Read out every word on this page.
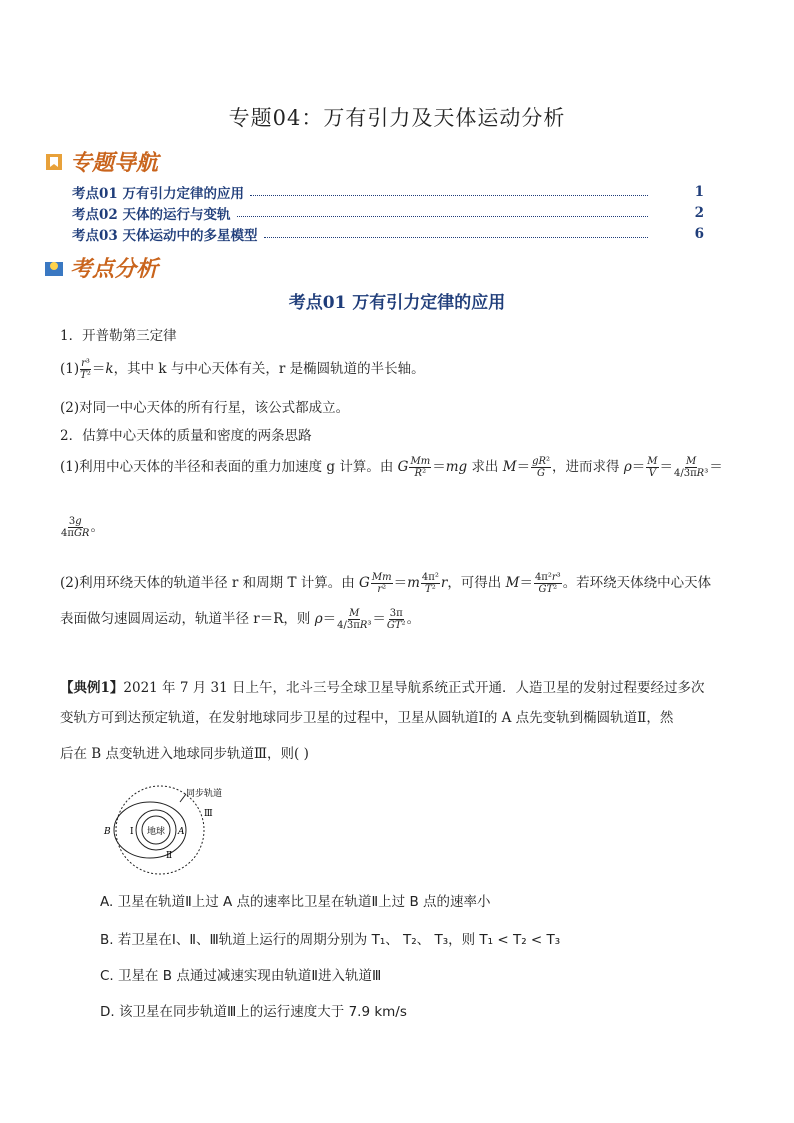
专题04：万有引力及天体运动分析
专题导航
考点01 万有引力定律的应用	1
考点02 天体的运行与变轨	2
考点03 天体运动中的多星模型	6
考点分析
考点01 万有引力定律的应用
1．开普勒第三定律
$(1) \frac{\text{r³}}{\text{T²}} =k$，其中 k 与中心天体有关，r 是椭圆轨道的半长轴。
(2)对同一中心天体的所有行星，该公式都成立。
2．估算中心天体的质量和密度的两条思路
(1)利用中心天体的半径和表面的重力加速度 g 计算。由 G $\frac{Mm}{\text{R²}} =mg$ 求出 $M= \frac{\text{gR²}}{G}$ ，进而求得 $\rho= \frac{M}{V} = \frac{M}{\text{4/3πR³}}$ ＝
$\frac{3g}{\text{4πGR}}$ 。
(2)利用环绕天体的轨道半径 r 和周期 T 计算。由 G $\frac{Mm}{\text{r²}} =m \frac{\text{4π²}}{\text{T²}}$ r，可得出 $M= \frac{\text{4π²r³}}{\text{GT²}}$ 。若环绕天体绕中心天体
表面做匀速圆周运动，轨道半径 r＝R，则 $\rho= \frac{M}{\text{4/3πR³}} = \frac{3\pi}{\text{GT²}}$ 。
【典例1】2021 年 7 月 31 日上午，北斗三号全球卫星导航系统正式开通．人造卫星的发射过程要经过多次
变轨方可到达预定轨道，在发射地球同步卫星的过程中，卫星从圆轨道Ⅰ的 A 点先变轨到椭圆轨道Ⅱ，然
后在 B 点变轨进入地球同步轨道Ⅲ，则( )
地球
同步轨道
Ⅰ
Ⅱ
Ⅲ
A
B
A. 卫星在轨道Ⅱ上过 A 点的速率比卫星在轨道Ⅱ上过 B 点的速率小
B. 若卫星在Ⅰ、Ⅱ、Ⅲ轨道上运行的周期分别为 T₁、 T₂、 T₃，则 T₁ < T₂ < T₃
C. 卫星在 B 点通过减速实现由轨道Ⅱ进入轨道Ⅲ
D. 该卫星在同步轨道Ⅲ上的运行速度大于 7.9 km/s
